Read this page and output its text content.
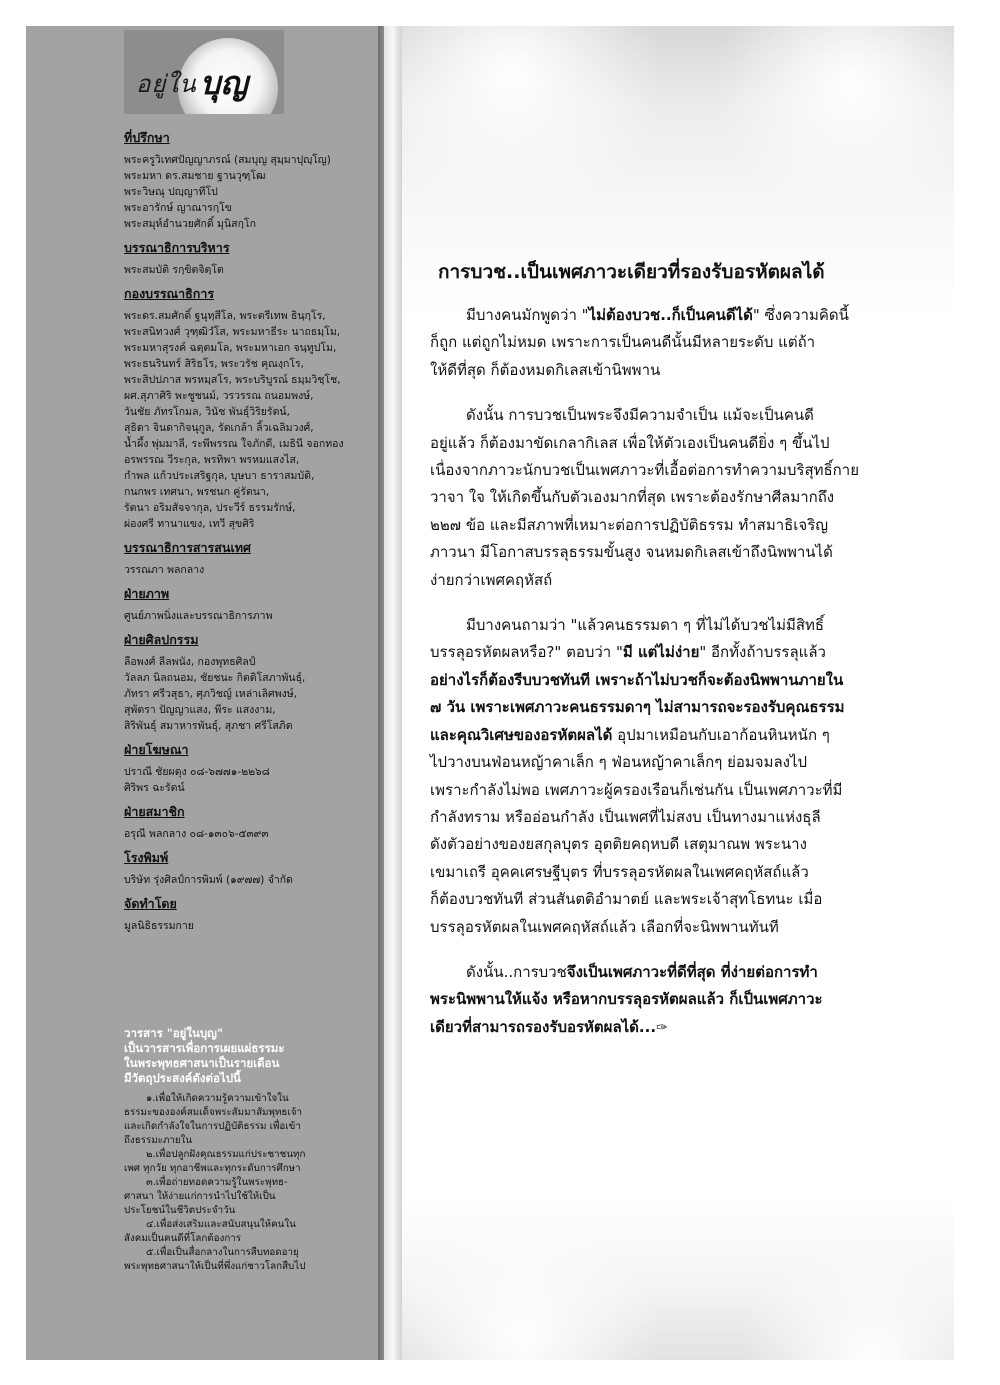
อยู่ใน บุญ
ที่ปรึกษา
พระครูวิเทศปัญญาภรณ์ (สมบุญ สุมฺมาปุญฺโญ)
พระมหา ดร.สมชาย ฐานวุฑฺโฒ
พระวิษณุ ปญฺญาทีโป
พระอารักษ์ ญาณารกฺโข
พระสมุห์อำนวยศักดิ์ มุนิสกฺโก
บรรณาธิการบริหาร
พระสมบัติ รกฺขิตจิตฺโต
กองบรรณาธิการ
พระดร.สมศักดิ์ ฐนุทฺสีโล, พระตรีเทพ ธินฺกฺโร,
พระสนิทวงศ์ วุฑฺฒิวํโส, พระมหาธีระ นาถธมฺโม,
พระมหาสุรงค์ ฉตฺตมโล, พระมหาเอก จนฺทูปโม,
พระธนรินทร์ สิริธโร, พระวรัช คุณงฺกโร,
พระสิปปภาส พรหมฺสโร, พระบริบูรณ์ ธมฺมวิชฺโช,
ผศ.สุภาศิริ พะชูชนม์, วรวรรณ ถนอมพงษ์,
วันชัย ภัทรโกมล, วินัช พันธุ์วิริยรัตน์,
สุธิดา จินดากิจนุกูล, รัตเกล้า ลิ้วเฉลิมวงศ์,
น้ำผึ้ง พุ่มมาลี, ระพีพรรณ ใจภักดี, เมธินี จอกทอง
อรพรรณ วีระกุล, พรทิพา พรหมแสงไส,
กำพล แก้วประเสริฐกุล, บุษบา ธาราสมบัติ,
กนกพร เทศนา, พรชนก คู่รัตนา,
รัตนา อริมสัจจากุล, ประวีร์ ธรรมรักษ์,
ผ่องศรี ทานาแขง, เทวี สุขศิริ
บรรณาธิการสารสนเทศ
วรรณภา พลกลาง
ฝ่ายภาพ
ศูนย์ภาพนิ่งและบรรณาธิการภาพ
ฝ่ายศิลปกรรม
ลือพงศ์ ลีลพนัง, กองพุทธศิลป์
วัลลภ นิลถนอม, ชัยชนะ กิตติโสภาพันธุ์,
ภัทรา ศรีวสุธา, ศุภวิชญ์ เหล่าเลิศพงษ์,
สุพัตรา ปัญญาแสง, พีระ แสงงาม,
สิริพันธุ์ สมาหารพันธุ์, สุภชา ศรีโสภิต
ฝ่ายโฆษณา
ปราณี ชัยผดุง ๐๘-๖๗๗๑-๒๒๖๘
ศิริพร ฉะรัตน์
ฝ่ายสมาชิก
อรุณี พลกลาง ๐๘-๑๓๐๖-๕๓๙๓
โรงพิมพ์
บริษัท รุ่งศิลป์การพิมพ์ (๑๙๗๗) จำกัด
จัดทำโดย
มูลนิธิธรรมกาย
วารสาร "อยู่ในบุญ"
เป็นวารสารเพื่อการเผยแผ่ธรรมะ
ในพระพุทธศาสนาเป็นรายเดือน
มีวัตถุประสงค์ดังต่อไปนี้
๑.เพื่อให้เกิดความรู้ความเข้าใจใน
ธรรมะขององค์สมเด็จพระสัมมาสัมพุทธเจ้า
และเกิดกำลังใจในการปฏิบัติธรรม เพื่อเข้า
ถึงธรรมะภายใน
๒.เพื่อปลูกฝังคุณธรรมแก่ประชาชนทุก
เพศ ทุกวัย ทุกอาชีพและทุกระดับการศึกษา
๓.เพื่อถ่ายทอดความรู้ในพระพุทธ-
ศาสนา ให้ง่ายแก่การนำไปใช้ให้เป็น
ประโยชน์ในชีวิตประจำวัน
๔.เพื่อส่งเสริมและสนับสนุนให้คนใน
สังคมเป็นคนดีที่โลกต้องการ
๕.เพื่อเป็นสื่อกลางในการสืบทอดอายุ
พระพุทธศาสนาให้เป็นที่พึ่งแก่ชาวโลกสืบไป
การบวช..เป็นเพศภาวะเดียวที่รองรับอรหัตผลได้
มีบางคนมักพูดว่า "ไม่ต้องบวช..ก็เป็นคนดีได้" ซึ่งความคิดนี้
ก็ถูก แต่ถูกไม่หมด เพราะการเป็นคนดีนั้นมีหลายระดับ แต่ถ้า
ให้ดีที่สุด ก็ต้องหมดกิเลสเข้านิพพาน
ดังนั้น การบวชเป็นพระจึงมีความจำเป็น แม้จะเป็นคนดี
อยู่แล้ว ก็ต้องมาขัดเกลากิเลส เพื่อให้ตัวเองเป็นคนดียิ่ง ๆ ขึ้นไป
เนื่องจากภาวะนักบวชเป็นเพศภาวะที่เอื้อต่อการทำความบริสุทธิ์กาย
วาจา ใจ ให้เกิดขึ้นกับตัวเองมากที่สุด เพราะต้องรักษาศีลมากถึง
๒๒๗ ข้อ และมีสภาพที่เหมาะต่อการปฏิบัติธรรม ทำสมาธิเจริญ
ภาวนา มีโอกาสบรรลุธรรมขั้นสูง จนหมดกิเลสเข้าถึงนิพพานได้
ง่ายกว่าเพศคฤหัสถ์
มีบางคนถามว่า "แล้วคนธรรมดา ๆ ที่ไม่ได้บวชไม่มีสิทธิ์
บรรลุอรหัตผลหรือ?" ตอบว่า "มี แต่ไม่ง่าย" อีกทั้งถ้าบรรลุแล้ว
อย่างไรก็ต้องรีบบวชทันที เพราะถ้าไม่บวชก็จะต้องนิพพานภายใน
๗ วัน เพราะเพศภาวะคนธรรมดาๆ ไม่สามารถจะรองรับคุณธรรม
และคุณวิเศษของอรหัตผลได้ อุปมาเหมือนกับเอาก้อนหินหนัก ๆ
ไปวางบนฟ่อนหญ้าคาเล็ก ๆ ฟ่อนหญ้าคาเล็กๆ ย่อมจมลงไป
เพราะกำลังไม่พอ เพศภาวะผู้ครองเรือนก็เช่นกัน เป็นเพศภาวะที่มี
กำลังทราม หรืออ่อนกำลัง เป็นเพศที่ไม่สงบ เป็นทางมาแห่งธุลี
ดังตัวอย่างของยสกุลบุตร อุตติยคฤหบดี เสตุมาณพ พระนาง
เขมาเถรี อุคคเศรษฐีบุตร ที่บรรลุอรหัตผลในเพศคฤหัสถ์แล้ว
ก็ต้องบวชทันที ส่วนสันตติอำมาตย์ และพระเจ้าสุทโธทนะ เมื่อ
บรรลุอรหัตผลในเพศคฤหัสถ์แล้ว เลือกที่จะนิพพานทันที
ดังนั้น..การบวชจึงเป็นเพศภาวะที่ดีที่สุด ที่ง่ายต่อการทำ
พระนิพพานให้แจ้ง หรือหากบรรลุอรหัตผลแล้ว ก็เป็นเพศภาวะ
เดียวที่สามารถรองรับอรหัตผลได้...✑
